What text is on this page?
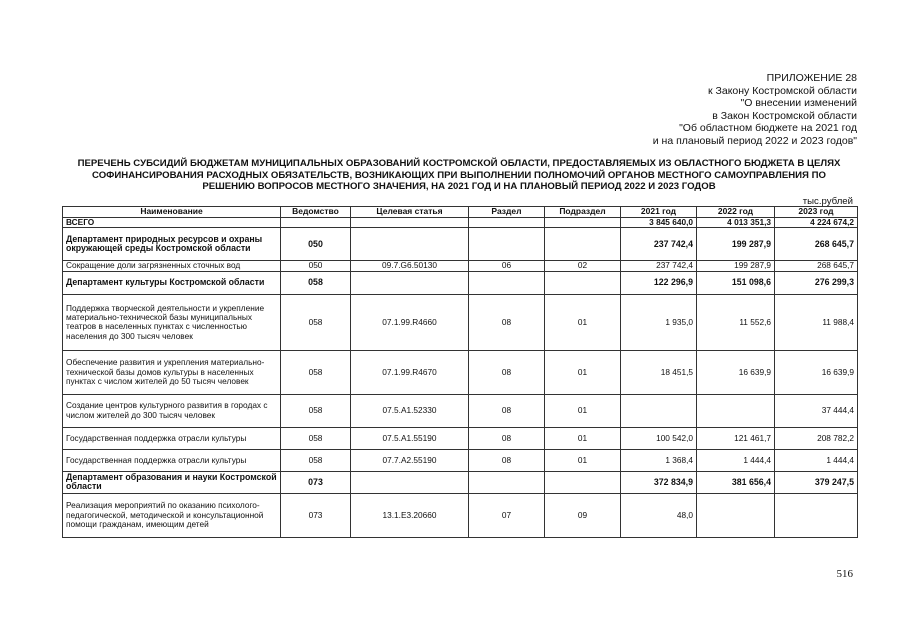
ПРИЛОЖЕНИЕ 28
к Закону Костромской области
"О внесении изменений
в Закон Костромской области
"Об областном бюджете на 2021 год
и на плановый период 2022 и 2023 годов"
ПЕРЕЧЕНЬ СУБСИДИЙ БЮДЖЕТАМ МУНИЦИПАЛЬНЫХ ОБРАЗОВАНИЙ КОСТРОМСКОЙ ОБЛАСТИ, ПРЕДОСТАВЛЯЕМЫХ ИЗ ОБЛАСТНОГО БЮДЖЕТА В ЦЕЛЯХ
СОФИНАНСИРОВАНИЯ РАСХОДНЫХ ОБЯЗАТЕЛЬСТВ, ВОЗНИКАЮЩИХ ПРИ ВЫПОЛНЕНИИ ПОЛНОМОЧИЙ ОРГАНОВ МЕСТНОГО САМОУПРАВЛЕНИЯ ПО
РЕШЕНИЮ ВОПРОСОВ МЕСТНОГО ЗНАЧЕНИЯ, НА 2021 ГОД И НА ПЛАНОВЫЙ ПЕРИОД 2022 И 2023 ГОДОВ
тыс.рублей
Наименование	Ведомство	Целевая статья	Раздел	Подраздел	2021 год	2022 год	2023 год
ВСЕГО					3 845 640,0	4 013 351,3	4 224 674,2
Департамент природных ресурсов и охраны окружающей среды Костромской области	050				237 742,4	199 287,9	268 645,7
Сокращение доли загрязненных сточных вод	050	09.7.G6.50130	06	02	237 742,4	199 287,9	268 645,7
Департамент культуры Костромской области	058				122 296,9	151 098,6	276 299,3
Поддержка творческой деятельности и укрепление материально-технической базы муниципальных театров в населенных пунктах с численностью населения до 300 тысяч человек	058	07.1.99.R4660	08	01	1 935,0	11 552,6	11 988,4
Обеспечение развития и укрепления материально-технической базы домов культуры в населенных пунктах с числом жителей до 50 тысяч человек	058	07.1.99.R4670	08	01	18 451,5	16 639,9	16 639,9
Создание центров культурного развития в городах с числом жителей до 300 тысяч человек	058	07.5.A1.52330	08	01			37 444,4
Государственная поддержка отрасли культуры	058	07.5.A1.55190	08	01	100 542,0	121 461,7	208 782,2
Государственная поддержка отрасли культуры	058	07.7.A2.55190	08	01	1 368,4	1 444,4	1 444,4
Департамент образования и науки Костромской области	073				372 834,9	381 656,4	379 247,5
Реализация мероприятий по оказанию психолого-педагогической, методической и консультационной помощи гражданам, имеющим детей	073	13.1.E3.20660	07	09	48,0		
516
